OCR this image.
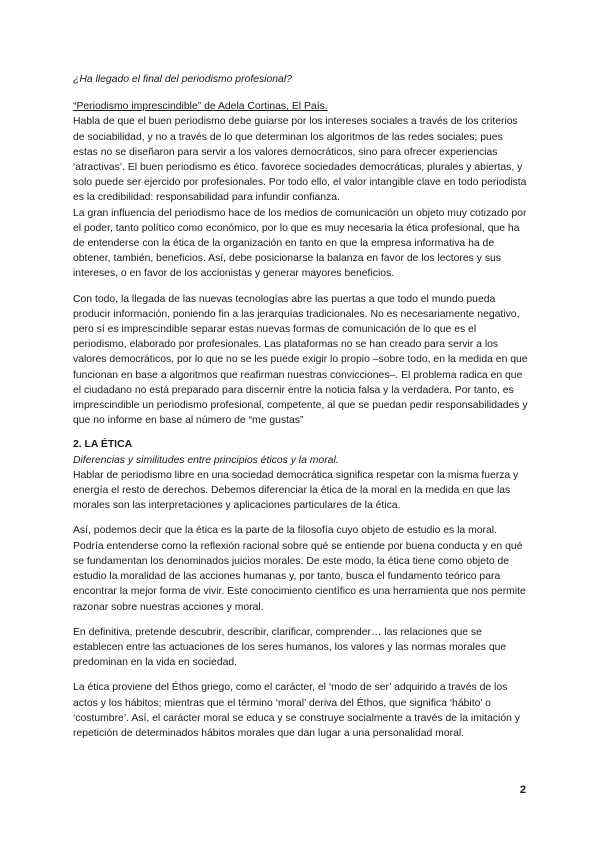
¿Ha llegado el final del periodismo profesional?

“Periodismo imprescindible” de Adela Cortinas, El País.

Habla de que el buen periodismo debe guiarse por los intereses sociales a través de los criterios de sociabilidad, y no a través de lo que determinan los algoritmos de las redes sociales; pues estas no se diseñaron para servir a los valores democráticos, sino para ofrecer experiencias ‘atractivas’. El buen periodismo es ético. favorece sociedades democráticas, plurales y abiertas, y solo puede ser ejercido por profesionales. Por todo ello, el valor intangible clave en todo periodista es la credibilidad: responsabilidad para infundir confianza.

La gran influencia del periodismo hace de los medios de comunicación un objeto muy cotizado por el poder, tanto político como económico, por lo que es muy necesaria la ética profesional, que ha de entenderse con la ética de la organización en tanto en que la empresa informativa ha de obtener, también, beneficios. Así, debe posicionarse la balanza en favor de los lectores y sus intereses, o en favor de los accionistas y generar mayores beneficios.

Con todo, la llegada de las nuevas tecnologías abre las puertas a que todo el mundo pueda producir información, poniendo fin a las jerarquías tradicionales. No es necesariamente negativo, pero sí es imprescindible separar estas nuevas formas de comunicación de lo que es el periodismo, elaborado por profesionales. Las plataformas no se han creado para servir a los valores democráticos, por lo que no se les puede exigir lo propio –sobre todo, en la medida en que funcionan en base a algoritmos que reafirman nuestras convicciones–. El problema radica en que el ciudadano no está preparado para discernir entre la noticia falsa y la verdadera. Por tanto, es imprescindible un periodismo profesional, competente, al que se puedan pedir responsabilidades y que no informe en base al número de “me gustas”

2. LA ÉTICA

Diferencias y similitudes entre principios éticos y la moral.

Hablar de periodismo libre en una sociedad democrática significa respetar con la misma fuerza y energía el resto de derechos. Debemos diferenciar la ética de la moral en la medida en que las morales son las interpretaciones y aplicaciones particulares de la ética.

Así, podemos decir que la ética es la parte de la filosofía cuyo objeto de estudio es la moral. Podría entenderse como la reflexión racional sobre qué se entiende por buena conducta y en qué se fundamentan los denominados juicios morales. De este modo, la ética tiene como objeto de estudio la moralidad de las acciones humanas y, por tanto, busca el fundamento teórico para encontrar la mejor forma de vivir. Este conocimiento científico es una herramienta que nos permite razonar sobre nuestras acciones y moral.

En definitiva, pretende descubrir, describir, clarificar, comprender… las relaciones que se establecen entre las actuaciones de los seres humanos, los valores y las normas morales que predominan en la vida en sociedad.

La ética proviene del Éthos griego, como el carácter, el ‘modo de ser’ adquirido a través de los actos y los hábitos; mientras que el término ‘moral’ deriva del Éthos, que significa ‘hábito’ o ‘costumbre’. Así, el carácter moral se educa y se construye socialmente a través de la imitación y repetición de determinados hábitos morales que dan lugar a una personalidad moral.

2
